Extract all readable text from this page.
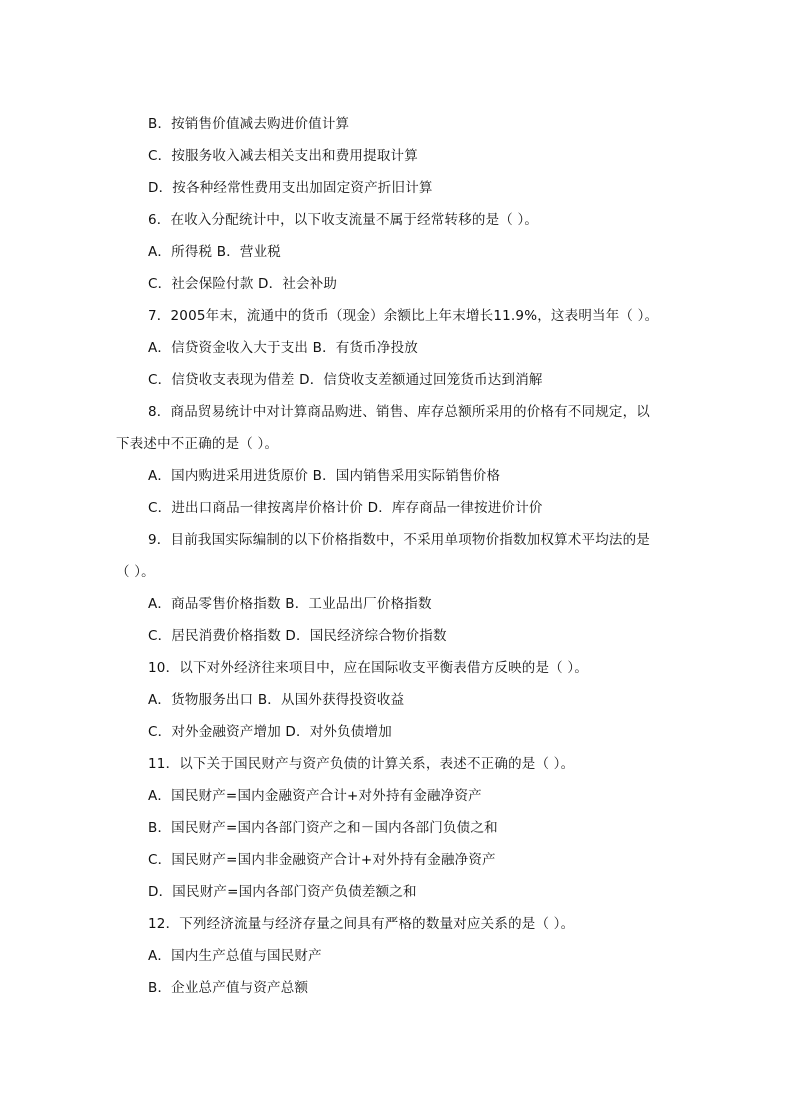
B．按销售价值减去购进价值计算
C．按服务收入减去相关支出和费用提取计算
D．按各种经常性费用支出加固定资产折旧计算
6．在收入分配统计中，以下收支流量不属于经常转移的是（ ）。
A．所得税 B．营业税
C．社会保险付款 D．社会补助
7．2005年末，流通中的货币（现金）余额比上年末增长11.9%，这表明当年（ ）。
A．信贷资金收入大于支出 B．有货币净投放
C．信贷收支表现为借差 D．信贷收支差额通过回笼货币达到消解
8．商品贸易统计中对计算商品购进、销售、库存总额所采用的价格有不同规定，以
下表述中不正确的是（ ）。
A．国内购进采用进货原价 B．国内销售采用实际销售价格
C．进出口商品一律按离岸价格计价 D．库存商品一律按进价计价
9．目前我国实际编制的以下价格指数中，不采用单项物价指数加权算术平均法的是
（ ）。
A．商品零售价格指数 B．工业品出厂价格指数
C．居民消费价格指数 D．国民经济综合物价指数
10．以下对外经济往来项目中，应在国际收支平衡表借方反映的是（ ）。
A．货物服务出口 B．从国外获得投资收益
C．对外金融资产增加 D．对外负债增加
11．以下关于国民财产与资产负债的计算关系，表述不正确的是（ ）。
A．国民财产=国内金融资产合计+对外持有金融净资产
B．国民财产=国内各部门资产之和－国内各部门负债之和
C．国民财产=国内非金融资产合计+对外持有金融净资产
D．国民财产=国内各部门资产负债差额之和
12．下列经济流量与经济存量之间具有严格的数量对应关系的是（ ）。
A．国内生产总值与国民财产
B．企业总产值与资产总额
